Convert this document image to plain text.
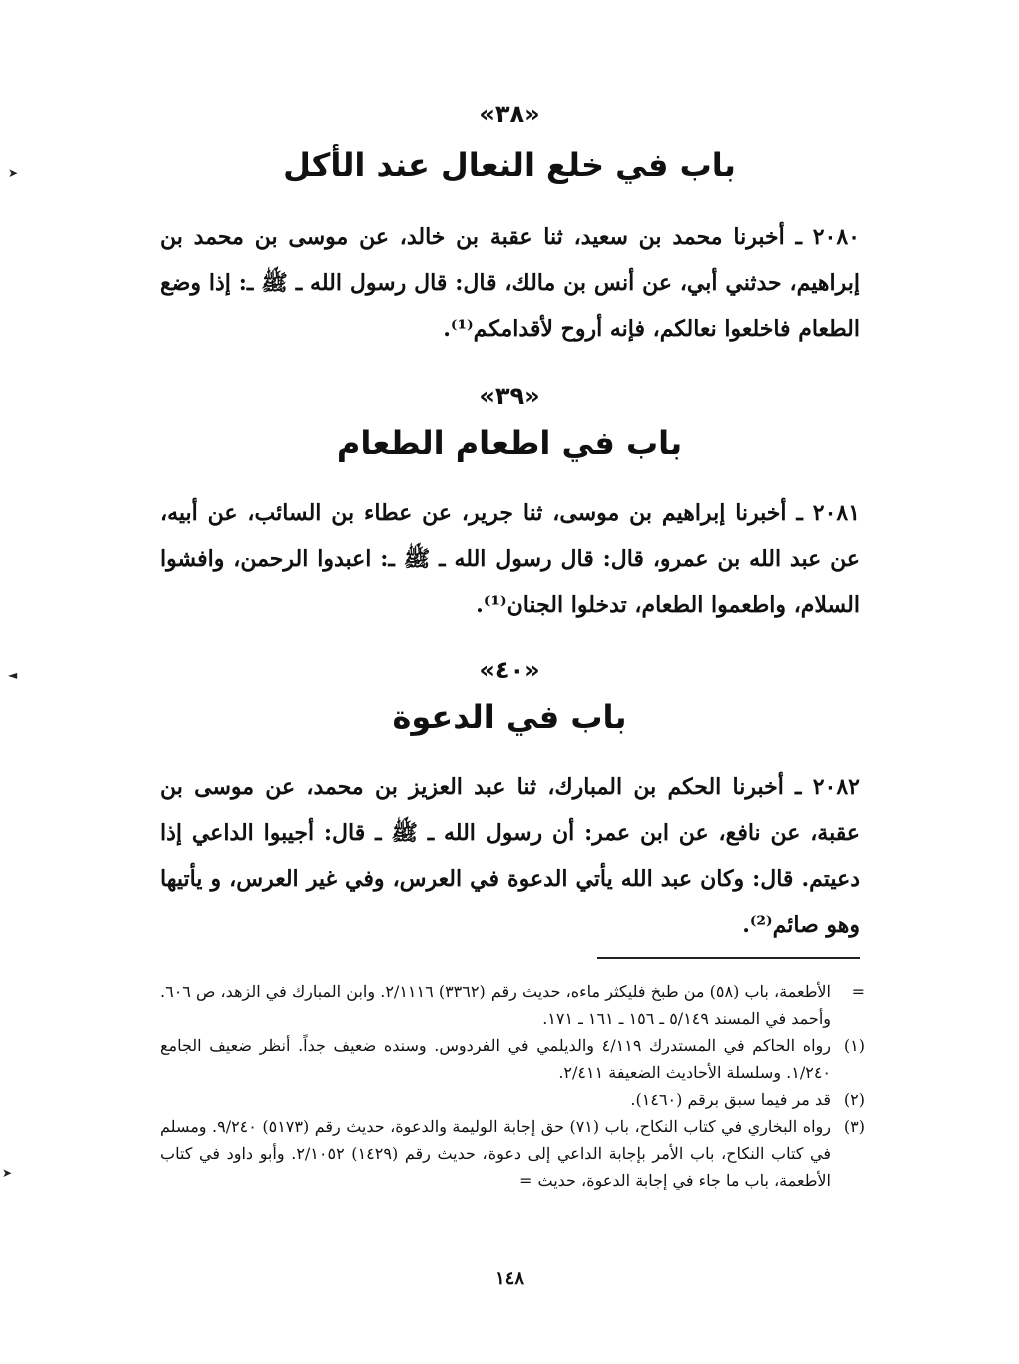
➤
◄
➤
«٣٨»
باب في خلع النعال عند الأكل
٢٠٨٠ ـ أخبرنا محمد بن سعيد، ثنا عقبة بن خالد، عن موسى بن محمد بن إبراهيم، حدثني أبي، عن أنس بن مالك، قال: قال رسول الله ـ ﷺ ـ: إذا وضع الطعام فاخلعوا نعالكم، فإنه أروح لأقدامكم⁽¹⁾.
«٣٩»
باب في اطعام الطعام
٢٠٨١ ـ أخبرنا إبراهيم بن موسى، ثنا جرير، عن عطاء بن السائب، عن أبيه، عن عبد الله بن عمرو، قال: قال رسول الله ـ ﷺ ـ: اعبدوا الرحمن، وافشوا السلام، واطعموا الطعام، تدخلوا الجنان⁽¹⁾.
«٤٠»
باب في الدعوة
٢٠٨٢ ـ أخبرنا الحكم بن المبارك، ثنا عبد العزيز بن محمد، عن موسى بن عقبة، عن نافع، عن ابن عمر: أن رسول الله ـ ﷺ ـ قال: أجيبوا الداعي إذا دعيتم. قال: وكان عبد الله يأتي الدعوة في العرس، وفي غير العرس، و يأتيها وهو صائم⁽²⁾.
=
الأطعمة، باب (٥٨) من طبخ فليكثر ماءه، حديث رقم (٣٣٦٢) ٢/١١١٦. وابن المبارك في الزهد، ص ٦٠٦. وأحمد في المسند ٥/١٤٩ ـ ١٥٦ ـ ١٦١ ـ ١٧١.
(١)
رواه الحاكم في المستدرك ٤/١١٩ والديلمي في الفردوس. وسنده ضعيف جداً. أنظر ضعيف الجامع ١/٢٤٠. وسلسلة الأحاديث الضعيفة ٢/٤١١.
(٢)
قد مر فيما سبق برقم (١٤٦٠).
(٣)
رواه البخاري في كتاب النكاح، باب (٧١) حق إجابة الوليمة والدعوة، حديث رقم (٥١٧٣) ٩/٢٤٠. ومسلم في كتاب النكاح، باب الأمر بإجابة الداعي إلى دعوة، حديث رقم (١٤٢٩) ٢/١٠٥٢. وأبو داود في كتاب الأطعمة، باب ما جاء في إجابة الدعوة، حديث =
١٤٨
